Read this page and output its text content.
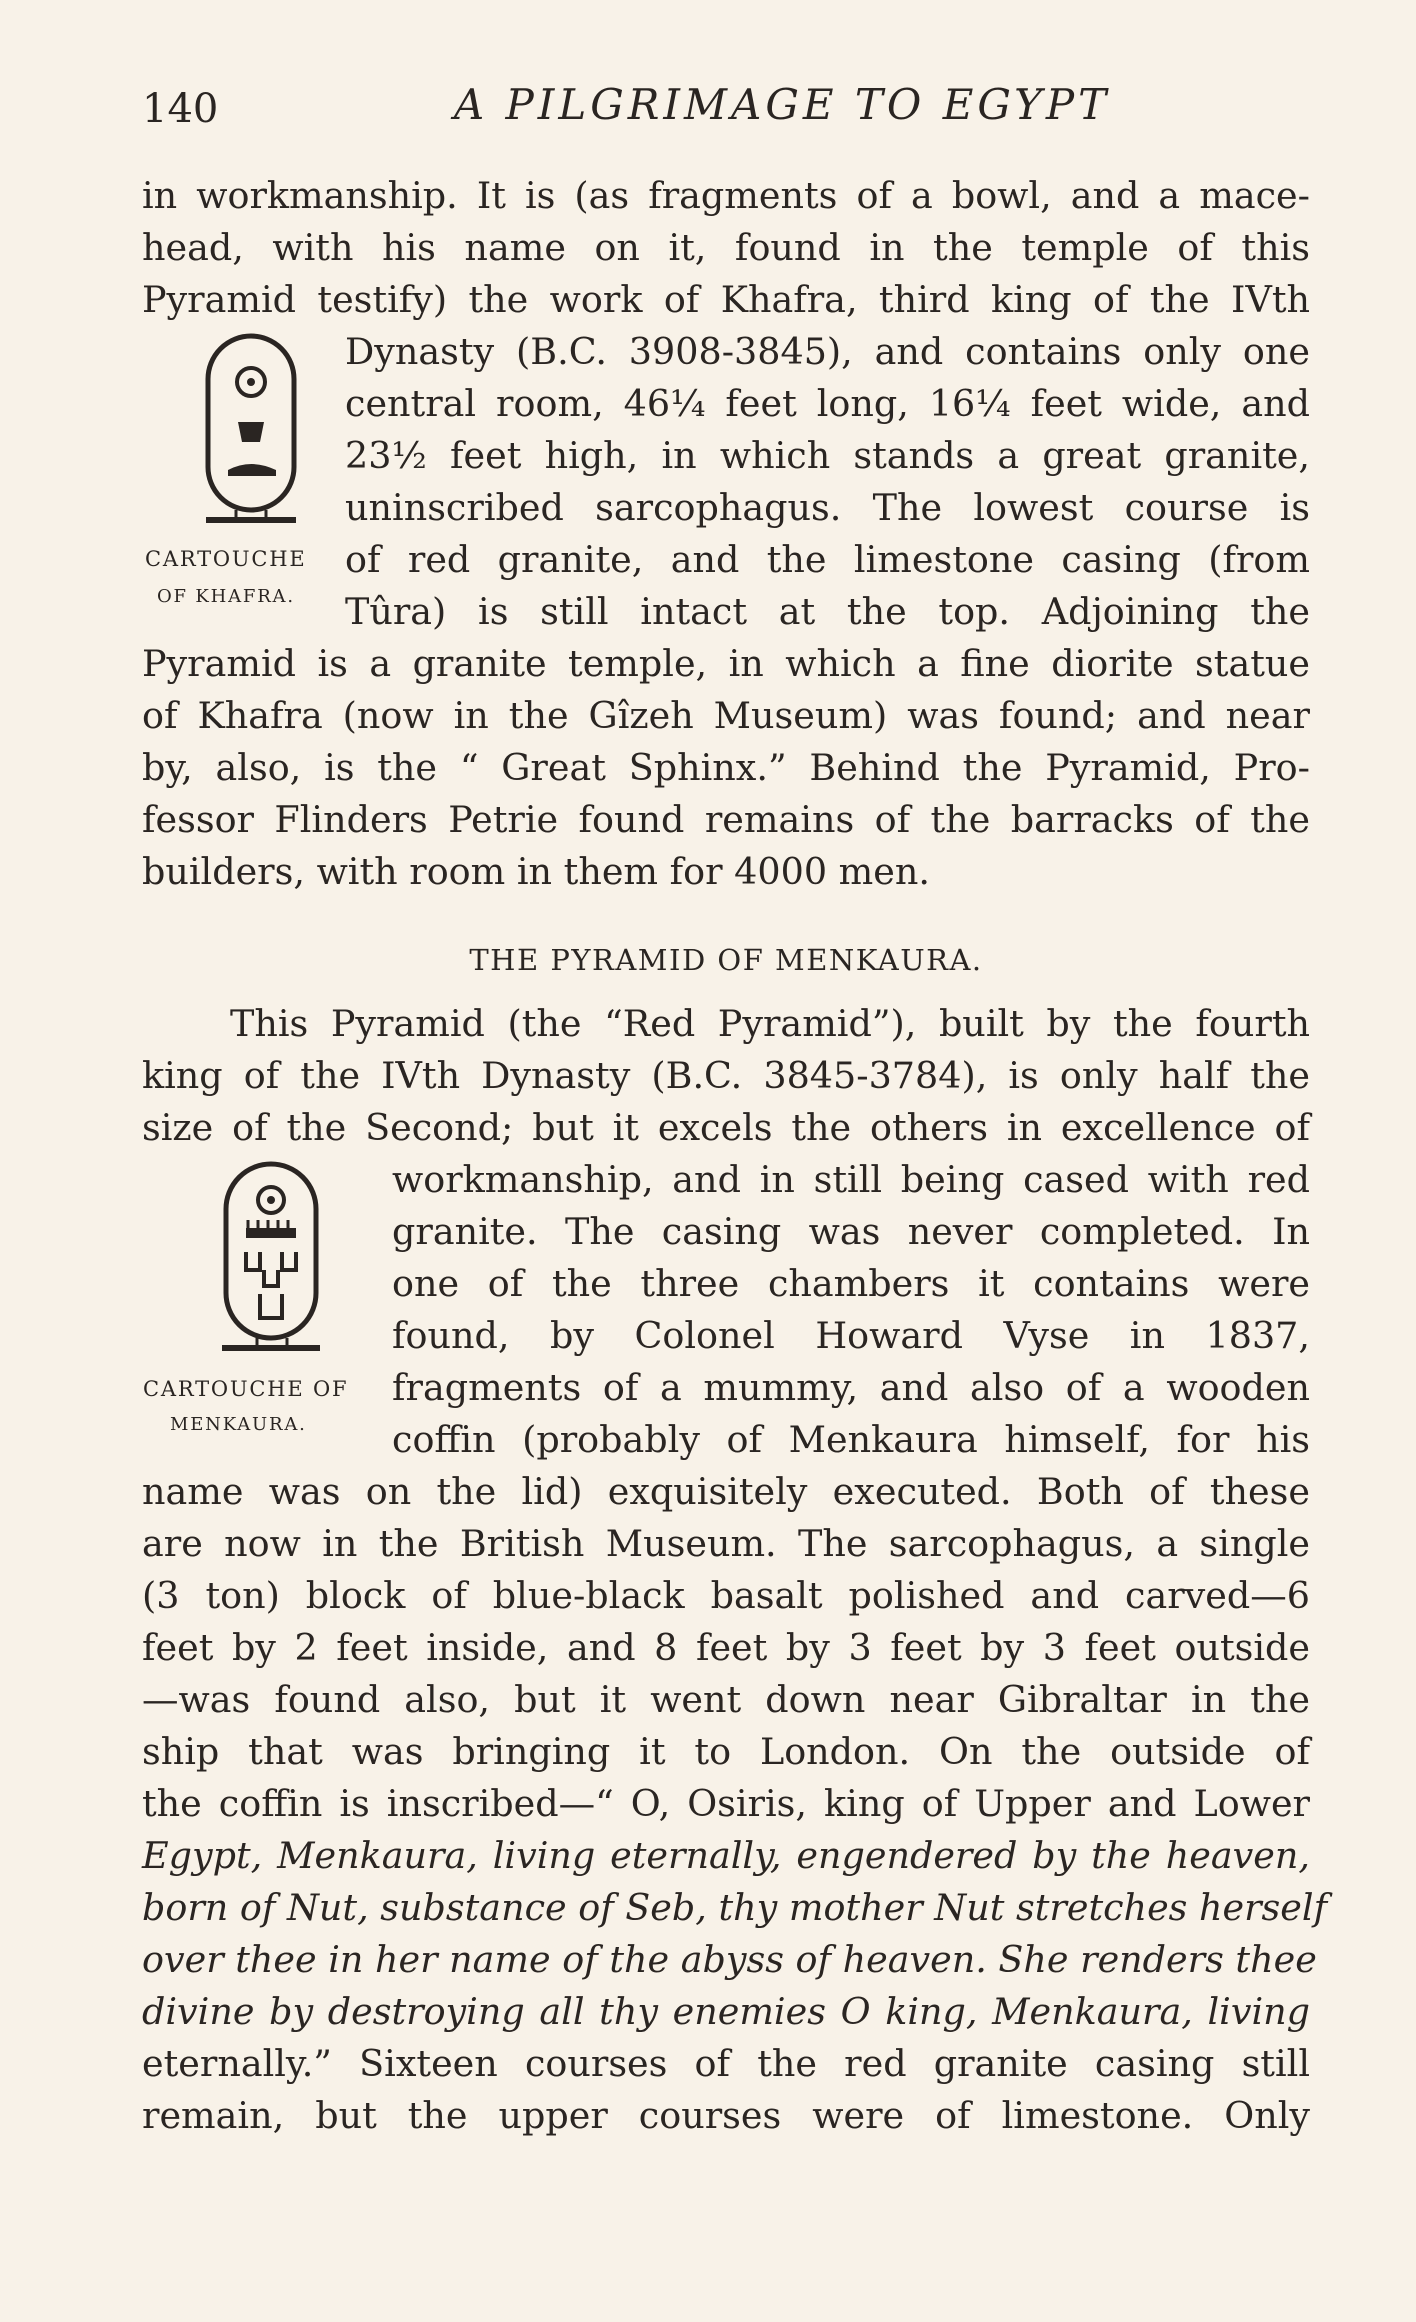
140	A PILGRIMAGE TO EGYPT
in workmanship. It is (as fragments of a bowl, and a mace-
head, with his name on it, found in the temple of this
Pyramid testify) the work of Khafra, third king of the IVth
Dynasty (B.C. 3908-3845), and contains only one
central room, 46¼ feet long, 16¼ feet wide, and
23½ feet high, in which stands a great granite,
uninscribed sarcophagus. The lowest course is
of red granite, and the limestone casing (from
Tûra) is still intact at the top. Adjoining the
Pyramid is a granite temple, in which a fine diorite statue
of Khafra (now in the Gîzeh Museum) was found; and near
by, also, is the “ Great Sphinx.” Behind the Pyramid, Pro-
fessor Flinders Petrie found remains of the barracks of the
builders, with room in them for 4000 men.
CARTOUCHE
OF KHAFRA.
THE PYRAMID OF MENKAURA.
This Pyramid (the “Red Pyramid”), built by the fourth
king of the IVth Dynasty (B.C. 3845-3784), is only half the
size of the Second; but it excels the others in excellence of
workmanship, and in still being cased with red
granite. The casing was never completed. In
one of the three chambers it contains were
found, by Colonel Howard Vyse in 1837,
fragments of a mummy, and also of a wooden
coffin (probably of Menkaura himself, for his
name was on the lid) exquisitely executed. Both of these
are now in the British Museum. The sarcophagus, a single
(3 ton) block of blue-black basalt polished and carved—6
feet by 2 feet inside, and 8 feet by 3 feet by 3 feet outside
—was found also, but it went down near Gibraltar in the
ship that was bringing it to London. On the outside of
the coffin is inscribed—“ O, Osiris, king of Upper and Lower
Egypt, Menkaura, living eternally, engendered by the heaven,
born of Nut, substance of Seb, thy mother Nut stretches herself
over thee in her name of the abyss of heaven. She renders thee
divine by destroying all thy enemies O king, Menkaura, living
eternally.” Sixteen courses of the red granite casing still
remain, but the upper courses were of limestone. Only
CARTOUCHE OF
MENKAURA.
